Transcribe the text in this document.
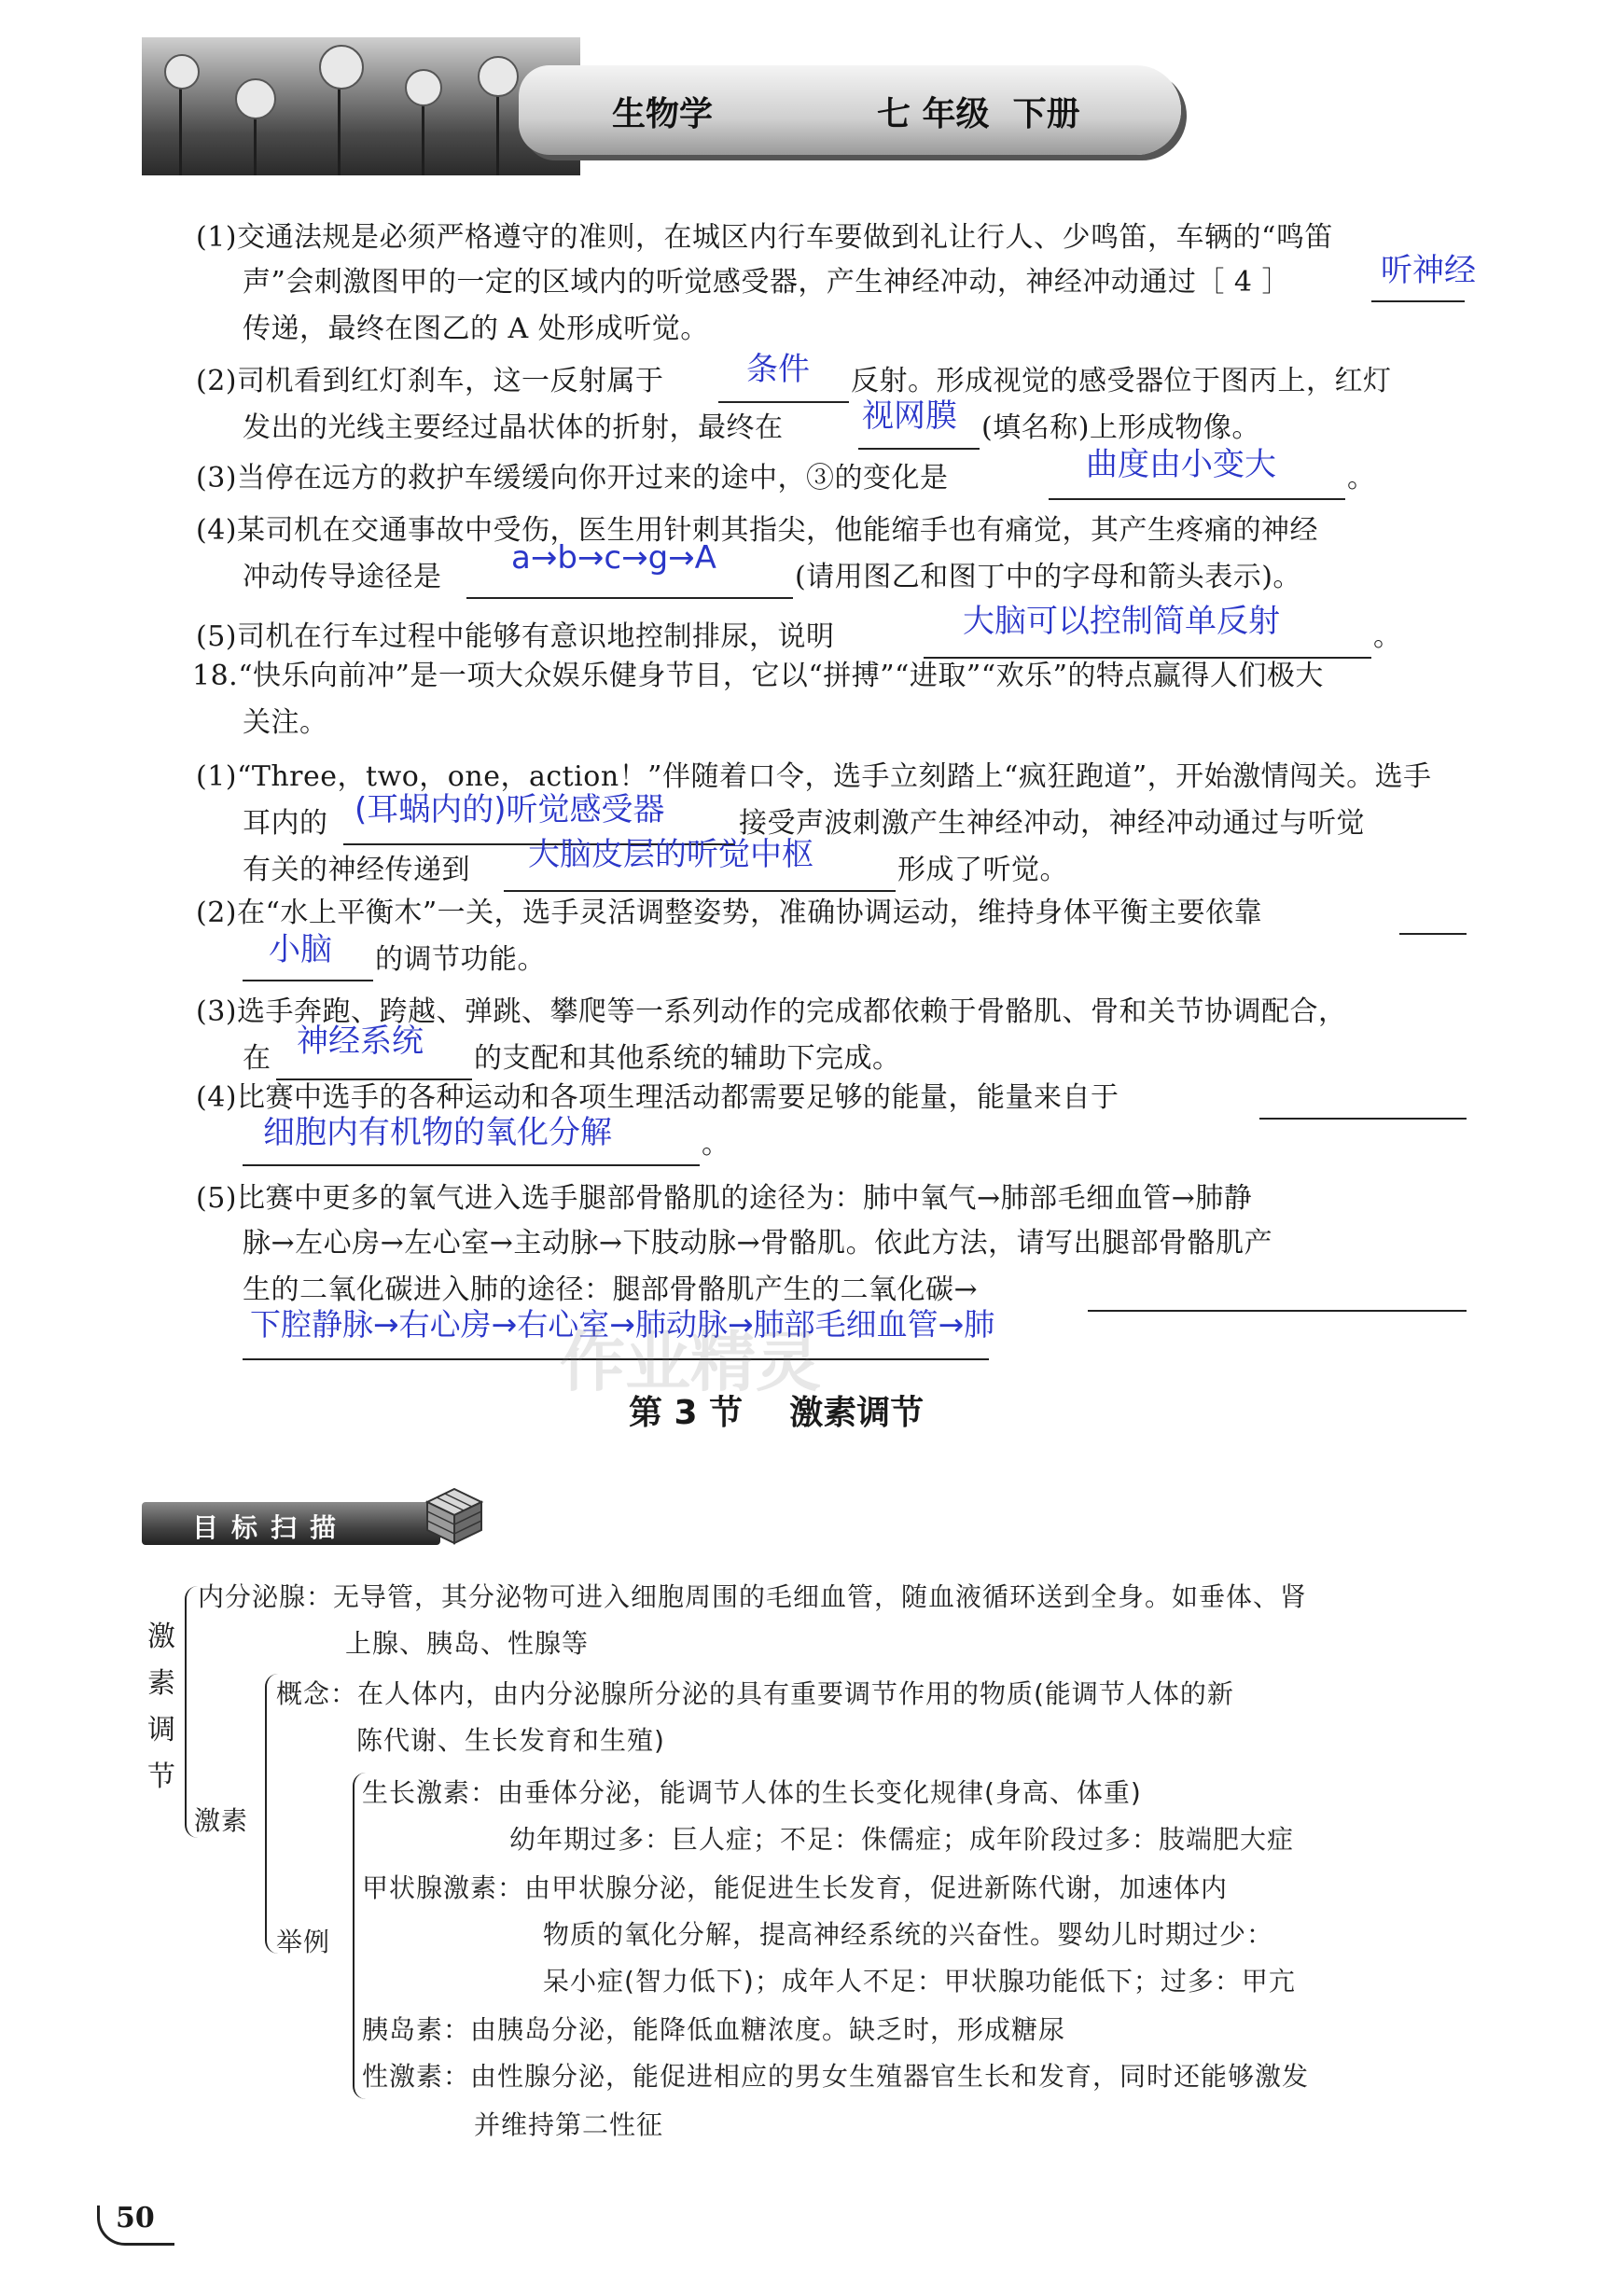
生物学	七 年级  下册
(1)交通法规是必须严格遵守的准则，在城区内行车要做到礼让行人、少鸣笛，车辆的“鸣笛
声”会刺激图甲的一定的区域内的听觉感受器，产生神经冲动，神经冲动通过［ 4 ］	听神经
传递，最终在图乙的 A 处形成听觉。
(2)司机看到红灯刹车，这一反射属于	条件 反射。形成视觉的感受器位于图丙上，红灯
发出的光线主要经过晶状体的折射，最终在 视网膜 (填名称)上形成物像。
(3)当停在远方的救护车缓缓向你开过来的途中，③的变化是	曲度由小变大	。
(4)某司机在交通事故中受伤，医生用针刺其指尖，他能缩手也有痛觉，其产生疼痛的神经
冲动传导途径是
a→b→c→g→A
(请用图乙和图丁中的字母和箭头表示)。
(5)司机在行车过程中能够有意识地控制排尿，说明	大脑可以控制简单反射	。
18.“快乐向前冲”是一项大众娱乐健身节目，它以“拼搏”“进取”“欢乐”的特点赢得人们极大
关注。
(1)“Three，two，one，action！”伴随着口令，选手立刻踏上“疯狂跑道”，开始激情闯关。选手
耳内的 (耳蜗内的)听觉感受器	接受声波刺激产生神经冲动，神经冲动通过与听觉
有关的神经传递到 大脑皮层的听觉中枢	形成了听觉。
(2)在“水上平衡木”一关，选手灵活调整姿势，准确协调运动，维持身体平衡主要依靠
小脑 的调节功能。
(3)选手奔跑、跨越、弹跳、攀爬等一系列动作的完成都依赖于骨骼肌、骨和关节协调配合，
在 神经系统 的支配和其他系统的辅助下完成。
(4)比赛中选手的各种运动和各项生理活动都需要足够的能量，能量来自于
细胞内有机物的氧化分解	。
(5)比赛中更多的氧气进入选手腿部骨骼肌的途径为：肺中氧气→肺部毛细血管→肺静
脉→左心房→左心室→主动脉→下肢动脉→骨骼肌。依此方法，请写出腿部骨骼肌产
生的二氧化碳进入肺的途径：腿部骨骼肌产生的二氧化碳→
下腔静脉→右心房→右心室→肺动脉→肺部毛细血管→肺
作业精灵
第 3 节    激素调节
目标扫描
激
素
调
节
内分泌腺：无导管，其分泌物可进入细胞周围的毛细血管，随血液循环送到全身。如垂体、肾
上腺、胰岛、性腺等
激素
概念：在人体内，由内分泌腺所分泌的具有重要调节作用的物质(能调节人体的新
陈代谢、生长发育和生殖)
举例
生长激素：由垂体分泌，能调节人体的生长变化规律(身高、体重)
幼年期过多：巨人症；不足：侏儒症；成年阶段过多：肢端肥大症
甲状腺激素：由甲状腺分泌，能促进生长发育，促进新陈代谢，加速体内
物质的氧化分解，提高神经系统的兴奋性。婴幼儿时期过少：
呆小症(智力低下)；成年人不足：甲状腺功能低下；过多：甲亢
胰岛素：由胰岛分泌，能降低血糖浓度。缺乏时，形成糖尿
性激素：由性腺分泌，能促进相应的男女生殖器官生长和发育，同时还能够激发
并维持第二性征
50
